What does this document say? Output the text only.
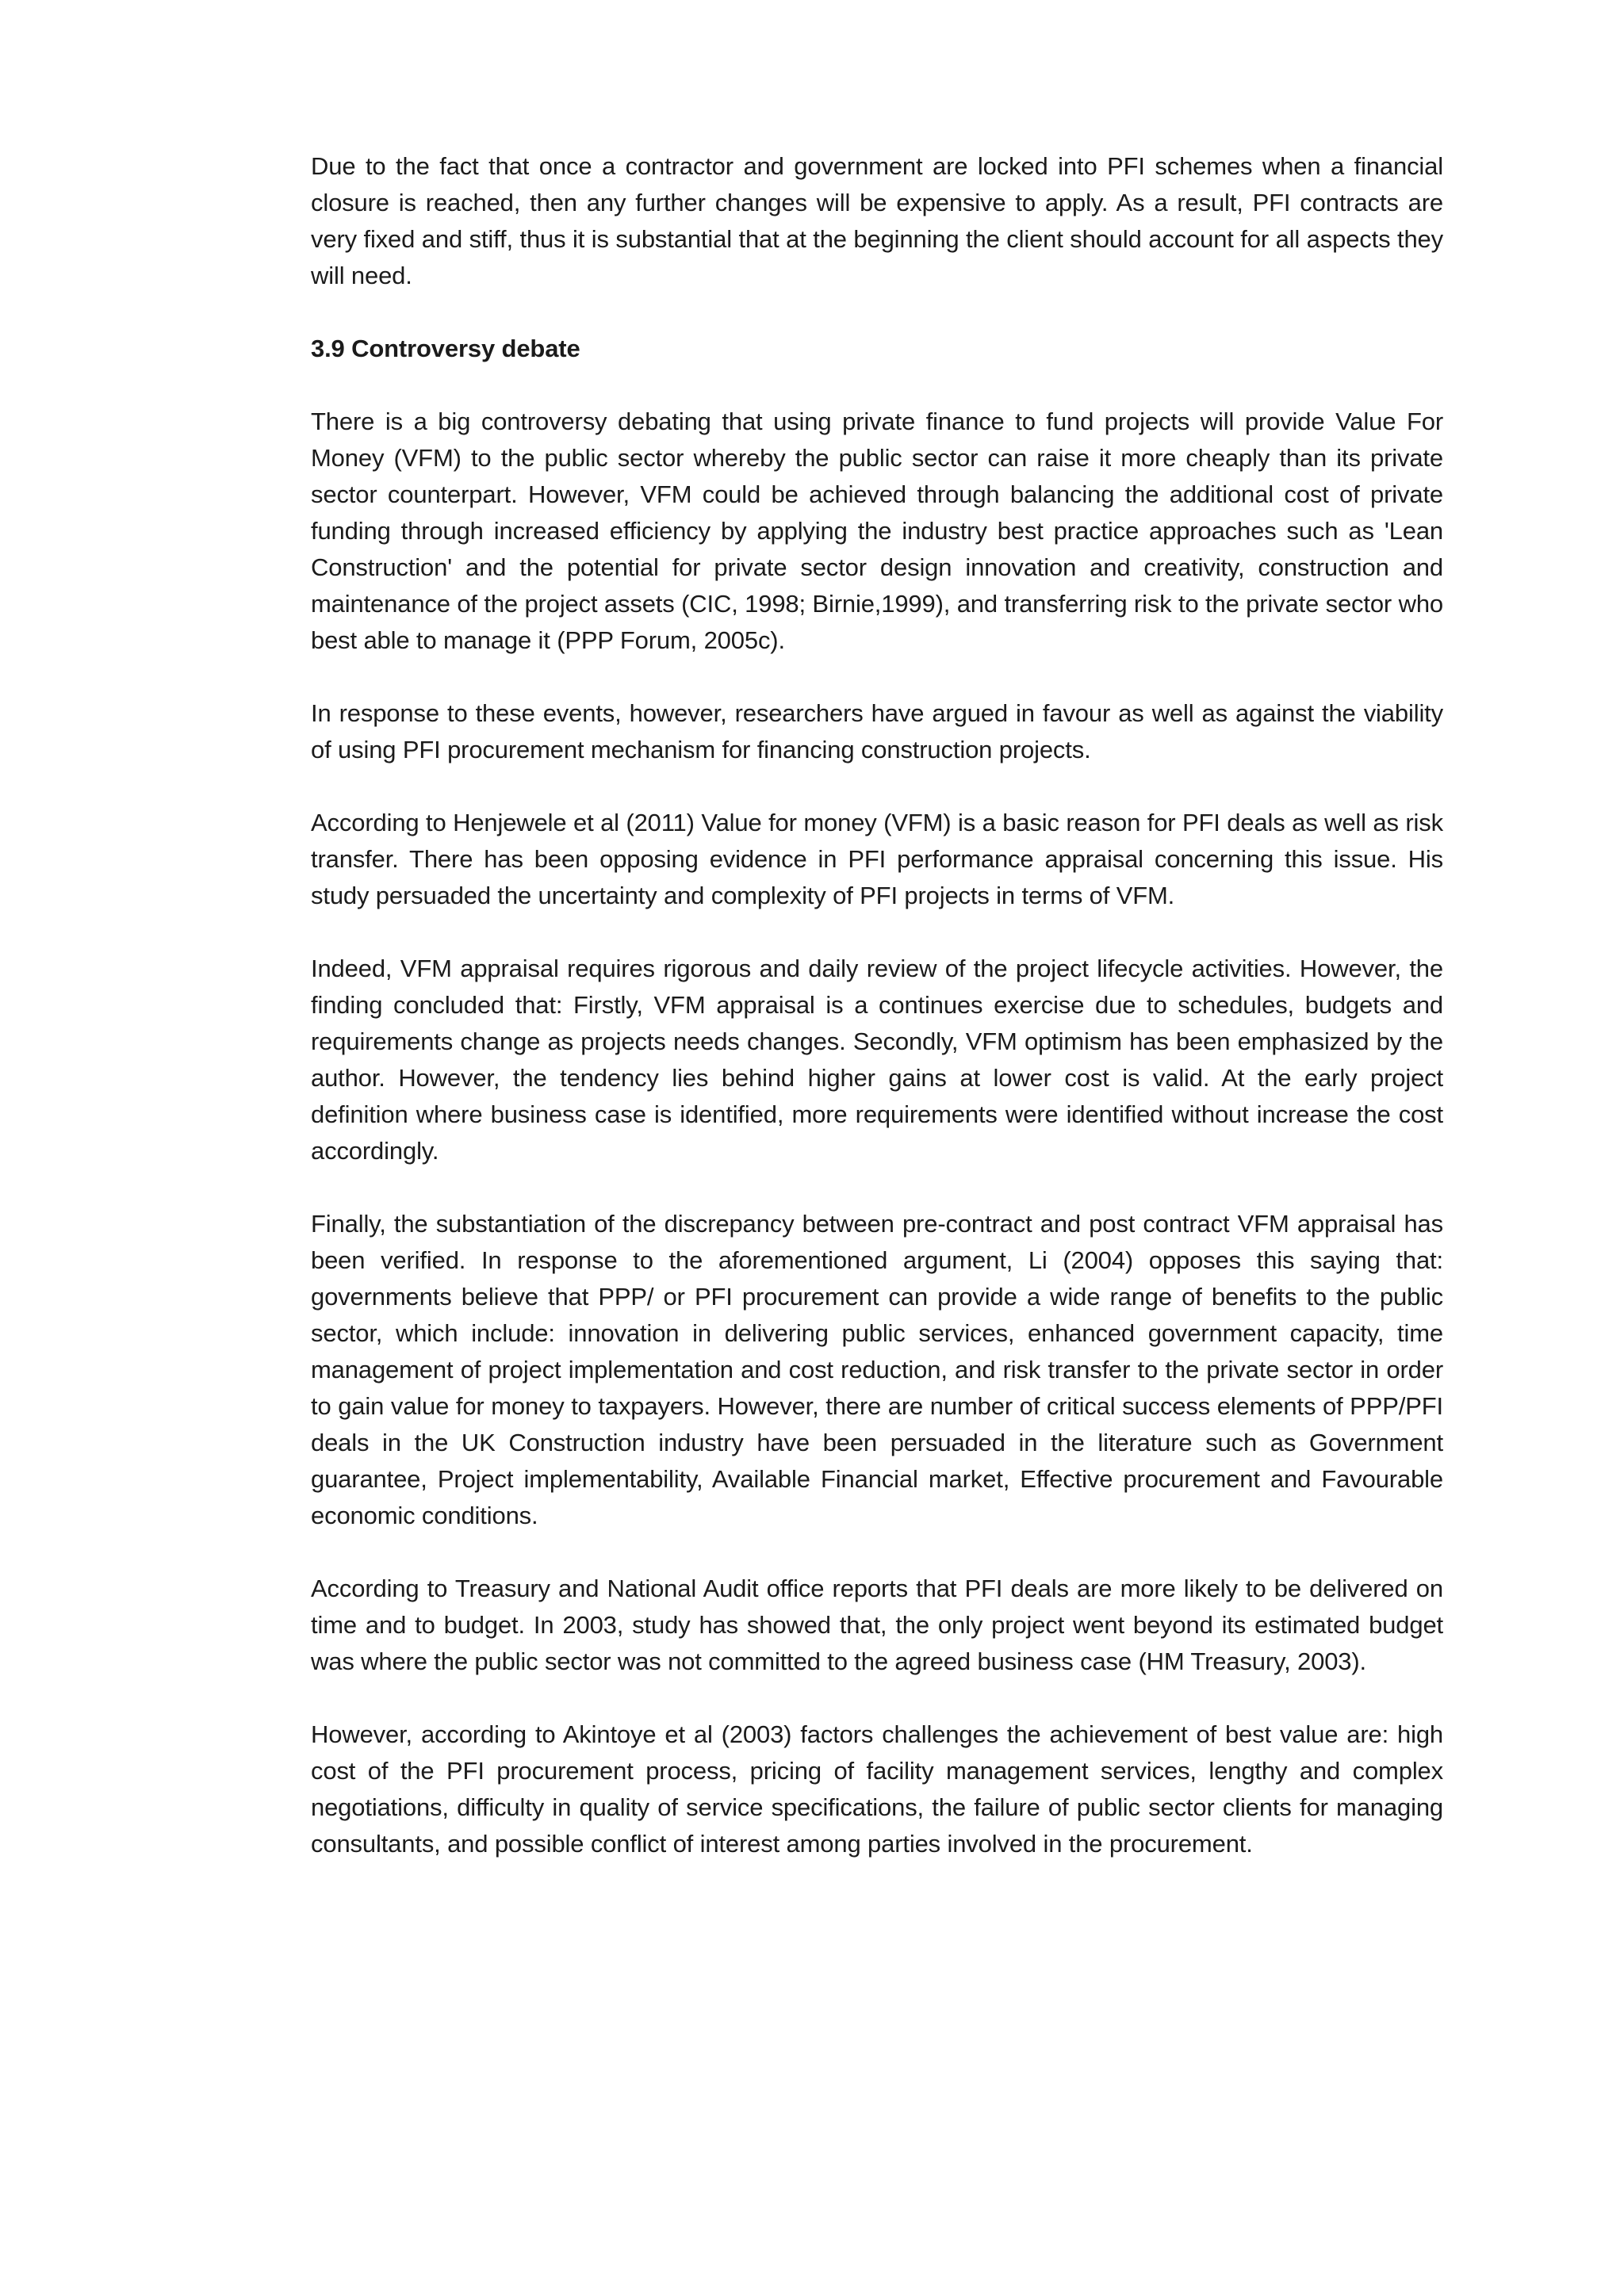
Due to the fact that once a contractor and government are locked into PFI schemes when a financial closure is reached, then any further changes will be expensive to apply. As a result, PFI contracts are very fixed and stiff, thus it is substantial that at the beginning the client should account for all aspects they will need.

3.9 Controversy debate

There is a big controversy debating that using private finance to fund projects will provide Value For Money (VFM) to the public sector whereby the public sector can raise it more cheaply than its private sector counterpart. However, VFM could be achieved through balancing the additional cost of private funding through increased efficiency by applying the industry best practice approaches such as 'Lean Construction' and the potential for private sector design innovation and creativity, construction and maintenance of the project assets (CIC, 1998; Birnie,1999), and transferring risk to the private sector who best able to manage it (PPP Forum, 2005c).

In response to these events, however, researchers have argued in favour as well as against the viability of using PFI procurement mechanism for financing construction projects.

According to Henjewele et al (2011) Value for money (VFM) is a basic reason for PFI deals as well as risk transfer. There has been opposing evidence in PFI performance appraisal concerning this issue. His study persuaded the uncertainty and complexity of PFI projects in terms of VFM.

Indeed, VFM appraisal requires rigorous and daily review of the project lifecycle activities. However, the finding concluded that: Firstly, VFM appraisal is a continues exercise due to schedules, budgets and requirements change as projects needs changes. Secondly, VFM optimism has been emphasized by the author. However, the tendency lies behind higher gains at lower cost is valid. At the early project definition where business case is identified, more requirements were identified without increase the cost accordingly.

Finally, the substantiation of the discrepancy between pre-contract and post contract VFM appraisal has been verified. In response to the aforementioned argument, Li (2004) opposes this saying that: governments believe that PPP/ or PFI procurement can provide a wide range of benefits to the public sector, which include: innovation in delivering public services, enhanced government capacity, time management of project implementation and cost reduction, and risk transfer to the private sector in order to gain value for money to taxpayers. However, there are number of critical success elements of PPP/PFI deals in the UK Construction industry have been persuaded in the literature such as Government guarantee, Project implementability, Available Financial market, Effective procurement and Favourable economic conditions.

According to Treasury and National Audit office reports that PFI deals are more likely to be delivered on time and to budget. In 2003, study has showed that, the only project went beyond its estimated budget was where the public sector was not committed to the agreed business case (HM Treasury, 2003).

However, according to Akintoye et al (2003) factors challenges the achievement of best value are: high cost of the PFI procurement process, pricing of facility management services, lengthy and complex negotiations, difficulty in quality of service specifications, the failure of public sector clients for managing consultants, and possible conflict of interest among parties involved in the procurement.
